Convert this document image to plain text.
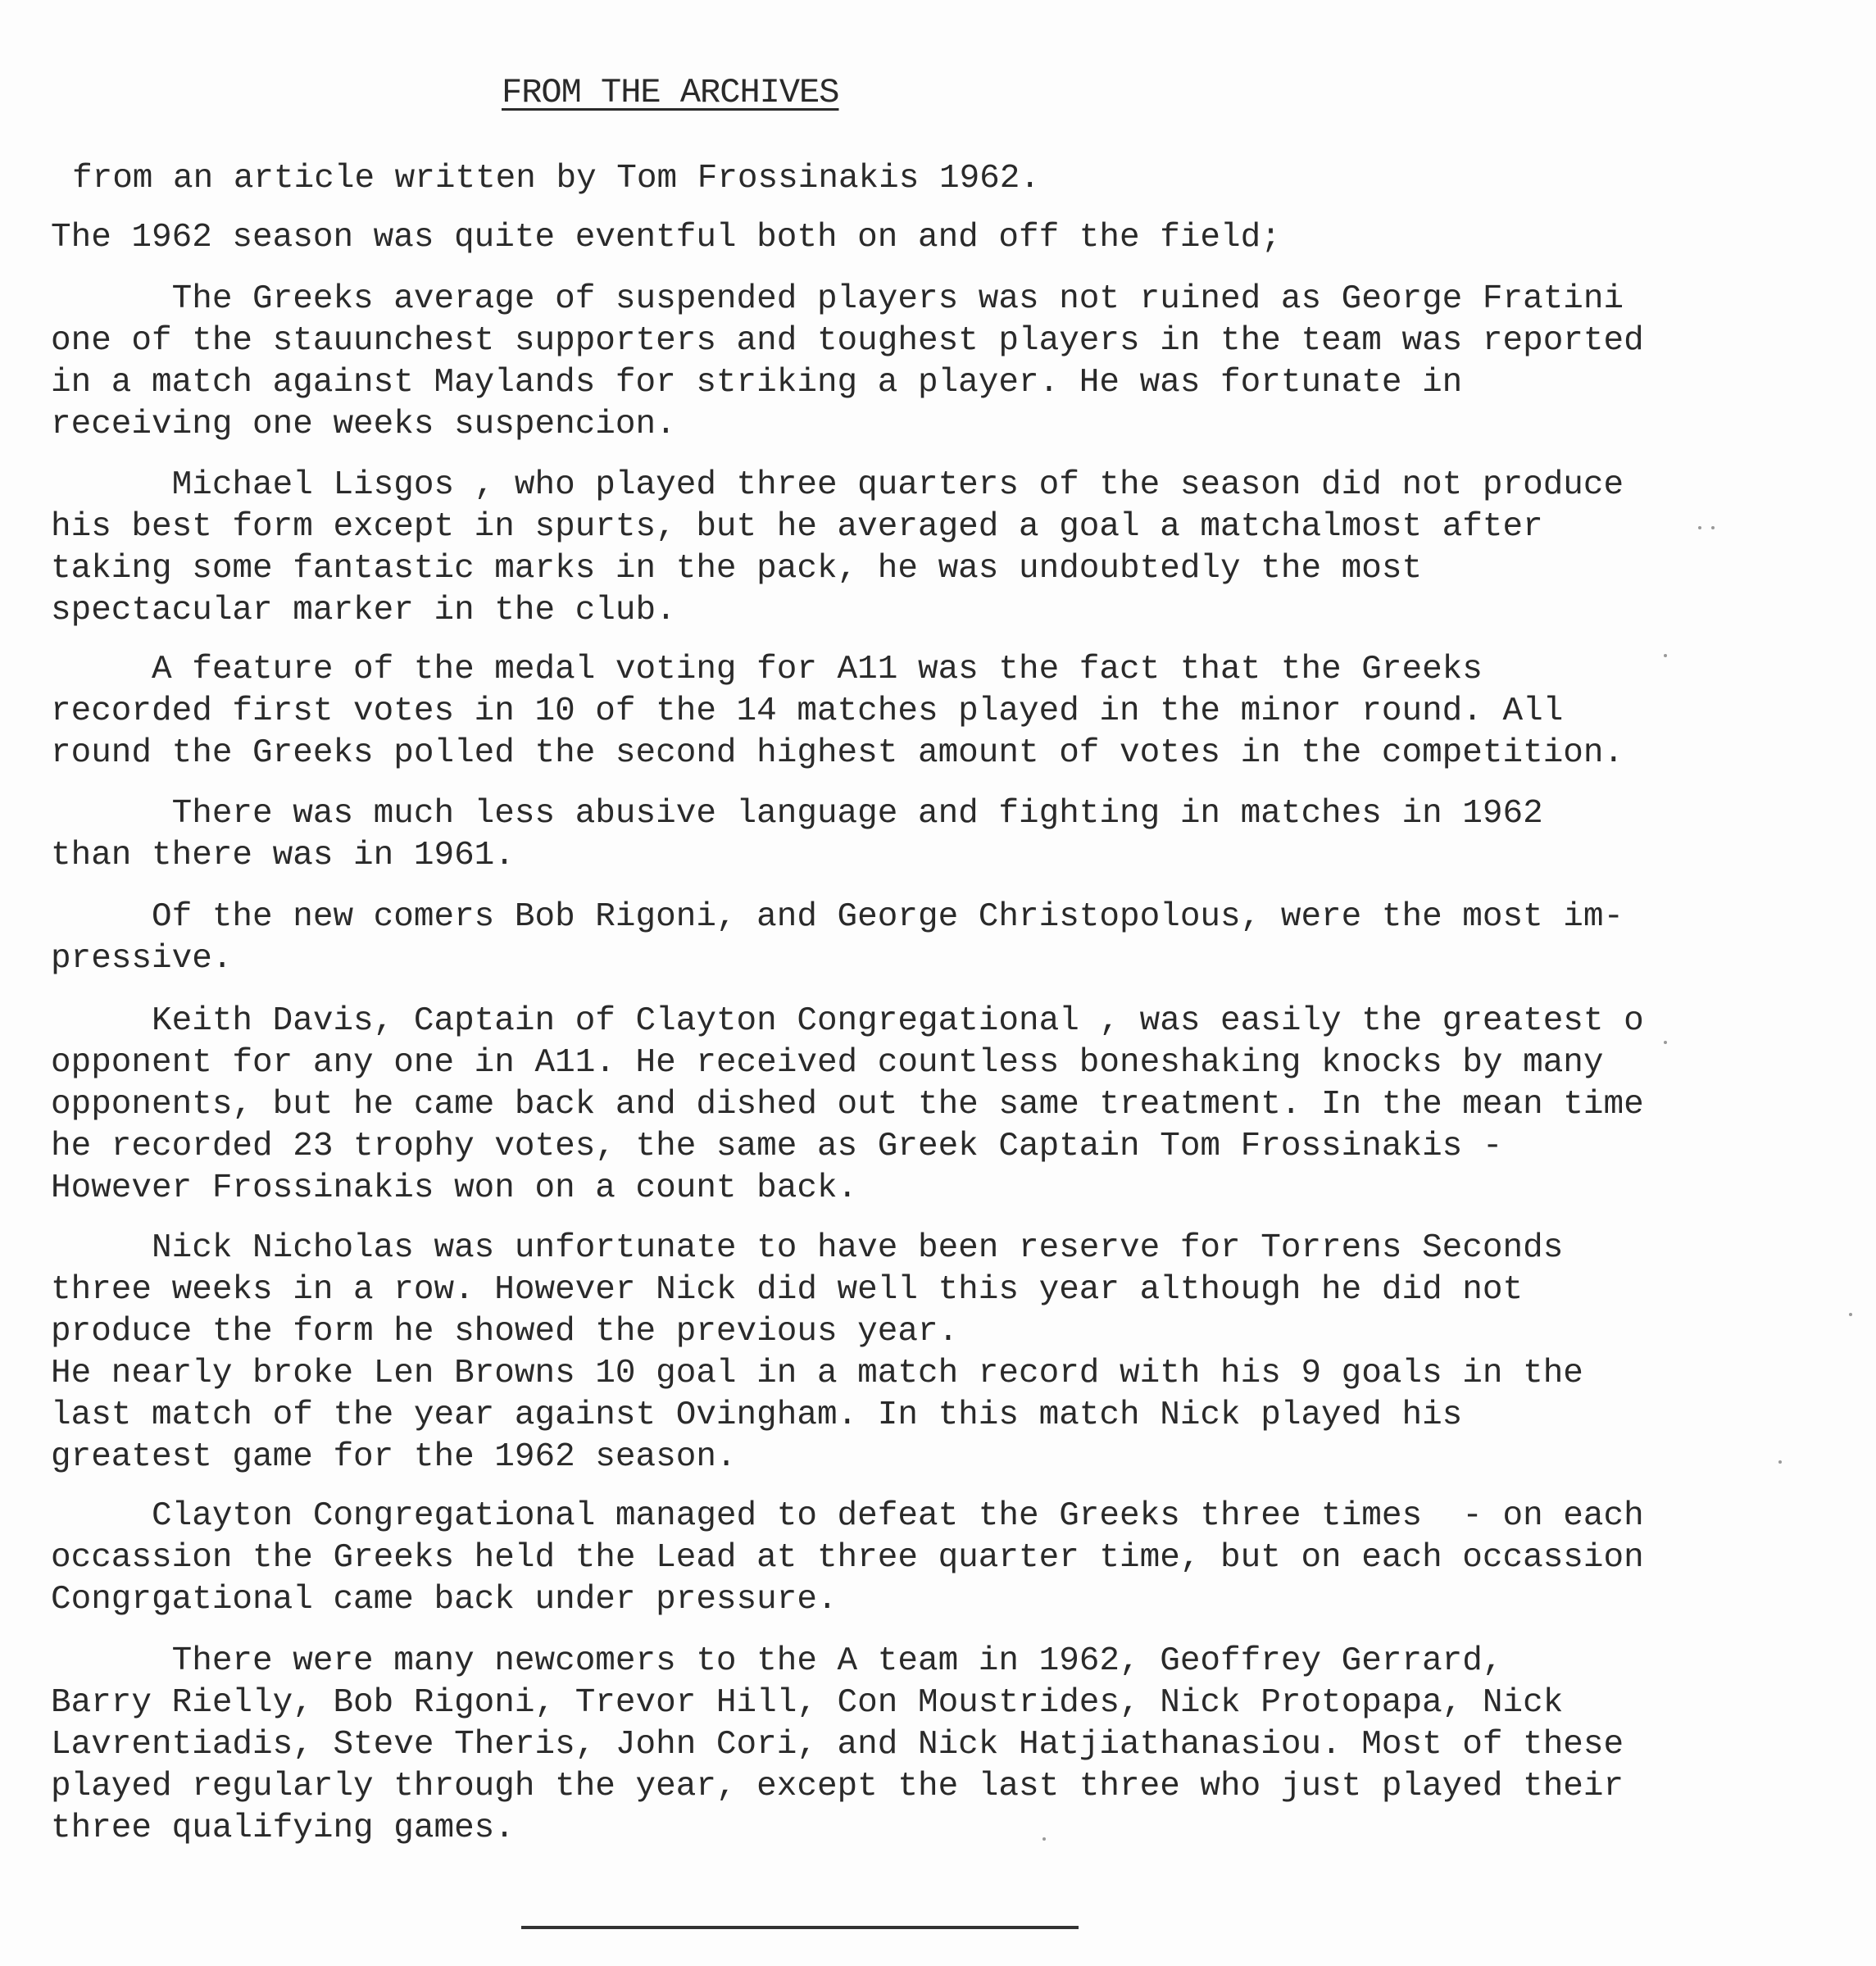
FROM THE ARCHIVES
from an article written by Tom Frossinakis 1962.
The 1962 season was quite eventful both on and off the field;
The Greeks average of suspended players was not ruined as George Fratini
one of the stauunchest supporters and toughest players in the team was reported
in a match against Maylands for striking a player. He was fortunate in
receiving one weeks suspencion.
Michael Lisgos , who played three quarters of the season did not produce
his best form except in spurts, but he averaged a goal a matchalmost after
taking some fantastic marks in the pack, he was undoubtedly the most
spectacular marker in the club.
A feature of the medal voting for A11 was the fact that the Greeks
recorded first votes in 10 of the 14 matches played in the minor round. All
round the Greeks polled the second highest amount of votes in the competition.
There was much less abusive language and fighting in matches in 1962
than there was in 1961.
Of the new comers Bob Rigoni, and George Christopolous, were the most im-
pressive.
Keith Davis, Captain of Clayton Congregational , was easily the greatest o
opponent for any one in A11. He received countless boneshaking knocks by many
opponents, but he came back and dished out the same treatment. In the mean time
he recorded 23 trophy votes, the same as Greek Captain Tom Frossinakis -
However Frossinakis won on a count back.
Nick Nicholas was unfortunate to have been reserve for Torrens Seconds
three weeks in a row. However Nick did well this year although he did not
produce the form he showed the previous year.
He nearly broke Len Browns 10 goal in a match record with his 9 goals in the
last match of the year against Ovingham. In this match Nick played his
greatest game for the 1962 season.
Clayton Congregational managed to defeat the Greeks three times  - on each
occassion the Greeks held the Lead at three quarter time, but on each occassion
Congrgational came back under pressure.
There were many newcomers to the A team in 1962, Geoffrey Gerrard,
Barry Rielly, Bob Rigoni, Trevor Hill, Con Moustrides, Nick Protopapa, Nick
Lavrentiadis, Steve Theris, John Cori, and Nick Hatjiathanasiou. Most of these
played regularly through the year, except the last three who just played their
three qualifying games.
